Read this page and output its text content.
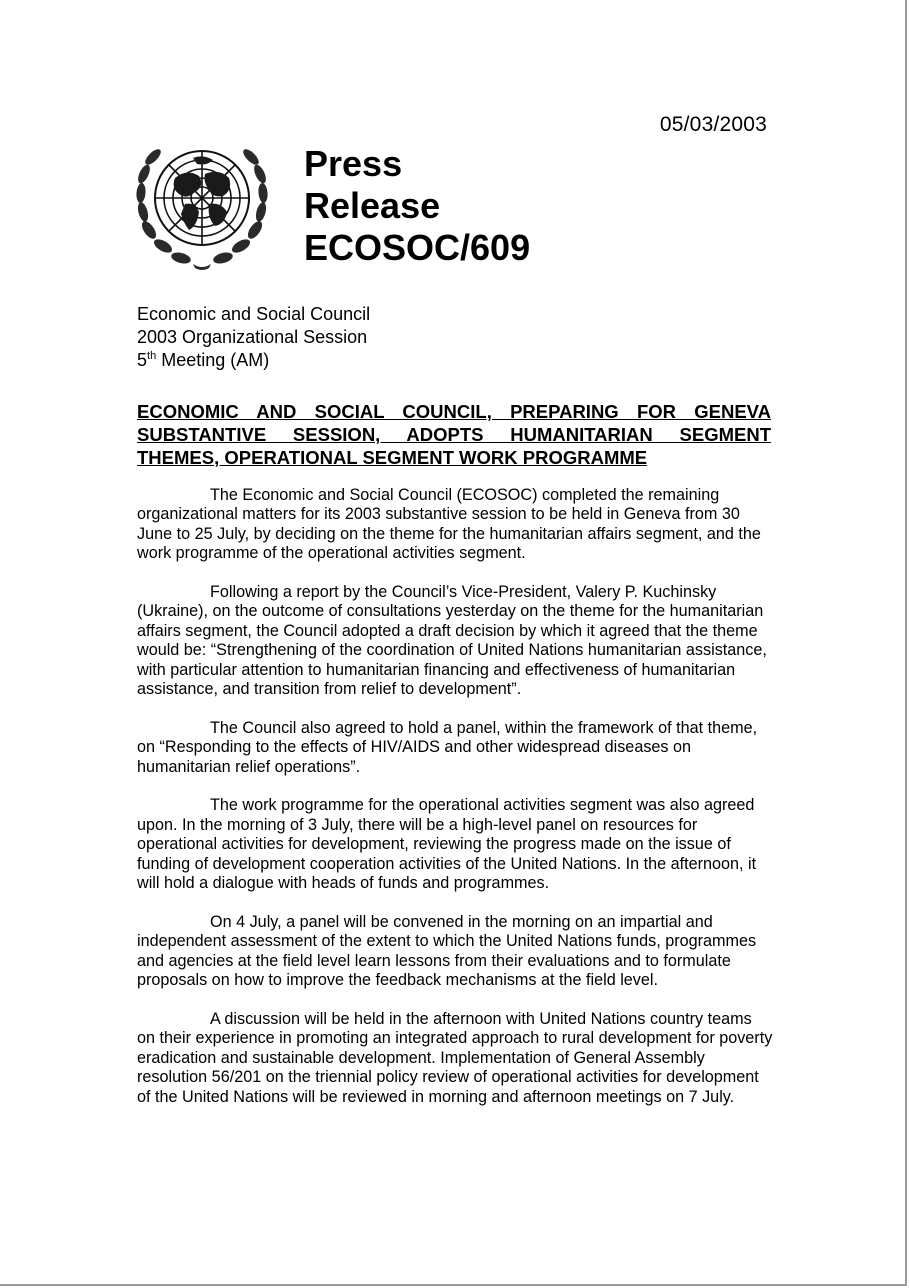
05/03/2003
Press
Release
ECOSOC/609
Economic and Social Council
2003 Organizational Session
5th Meeting (AM)
ECONOMIC AND SOCIAL COUNCIL, PREPARING FOR GENEVA SUBSTANTIVE SESSION, ADOPTS HUMANITARIAN SEGMENT THEMES, OPERATIONAL SEGMENT WORK PROGRAMME

The Economic and Social Council (ECOSOC) completed the remaining organizational matters for its 2003 substantive session to be held in Geneva from 30 June to 25 July, by deciding on the theme for the humanitarian affairs segment, and the work programme of the operational activities segment.

Following a report by the Council’s Vice-President, Valery P. Kuchinsky (Ukraine), on the outcome of consultations yesterday on the theme for the humanitarian affairs segment, the Council adopted a draft decision by which it agreed that the theme would be: “Strengthening of the coordination of United Nations humanitarian assistance, with particular attention to humanitarian financing and effectiveness of humanitarian assistance, and transition from relief to development”.

The Council also agreed to hold a panel, within the framework of that theme, on “Responding to the effects of HIV/AIDS and other widespread diseases on humanitarian relief operations”.

The work programme for the operational activities segment was also agreed upon. In the morning of 3 July, there will be a high-level panel on resources for operational activities for development, reviewing the progress made on the issue of funding of development cooperation activities of the United Nations. In the afternoon, it will hold a dialogue with heads of funds and programmes.

On 4 July, a panel will be convened in the morning on an impartial and independent assessment of the extent to which the United Nations funds, programmes and agencies at the field level learn lessons from their evaluations and to formulate proposals on how to improve the feedback mechanisms at the field level.

A discussion will be held in the afternoon with United Nations country teams on their experience in promoting an integrated approach to rural development for poverty eradication and sustainable development. Implementation of General Assembly resolution 56/201 on the triennial policy review of operational activities for development of the United Nations will be reviewed in morning and afternoon meetings on 7 July.
